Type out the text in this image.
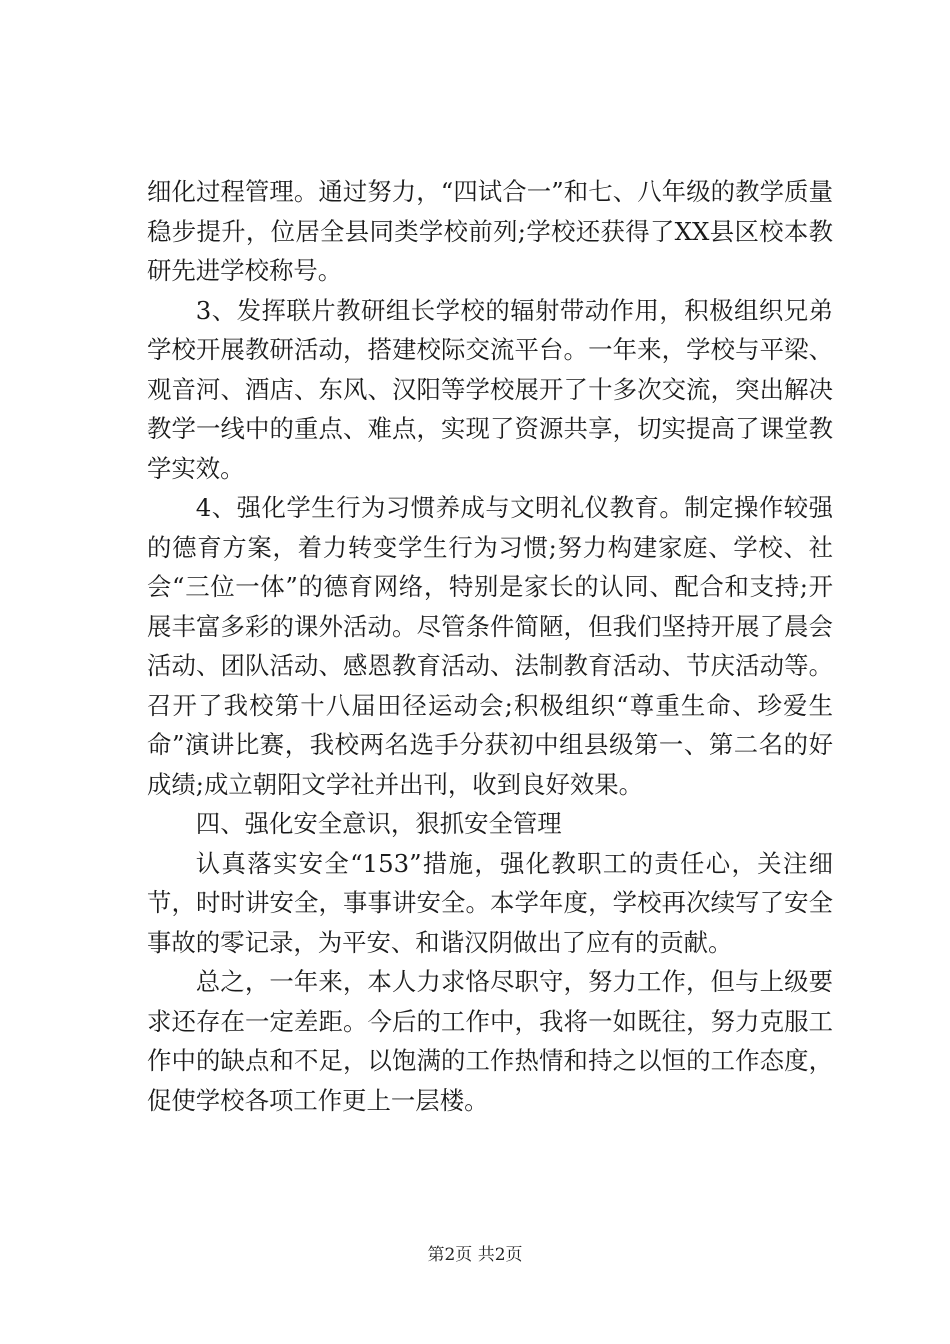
细化过程管理。通过努力，“四试合一”和七、八年级的教学质量稳步提升，位居全县同类学校前列;学校还获得了XX县区校本教研先进学校称号。

3、发挥联片教研组长学校的辐射带动作用，积极组织兄弟学校开展教研活动，搭建校际交流平台。一年来，学校与平梁、观音河、酒店、东风、汉阳等学校展开了十多次交流，突出解决教学一线中的重点、难点，实现了资源共享，切实提高了课堂教学实效。

4、强化学生行为习惯养成与文明礼仪教育。制定操作较强的德育方案，着力转变学生行为习惯;努力构建家庭、学校、社会“三位一体”的德育网络，特别是家长的认同、配合和支持;开展丰富多彩的课外活动。尽管条件简陋，但我们坚持开展了晨会活动、团队活动、感恩教育活动、法制教育活动、节庆活动等。召开了我校第十八届田径运动会;积极组织“尊重生命、珍爱生命”演讲比赛，我校两名选手分获初中组县级第一、第二名的好成绩;成立朝阳文学社并出刊，收到良好效果。

四、强化安全意识，狠抓安全管理

认真落实安全“153”措施，强化教职工的责任心，关注细节，时时讲安全，事事讲安全。本学年度，学校再次续写了安全事故的零记录，为平安、和谐汉阴做出了应有的贡献。

总之，一年来，本人力求恪尽职守，努力工作，但与上级要求还存在一定差距。今后的工作中，我将一如既往，努力克服工作中的缺点和不足，以饱满的工作热情和持之以恒的工作态度，促使学校各项工作更上一层楼。

第2页 共2页
